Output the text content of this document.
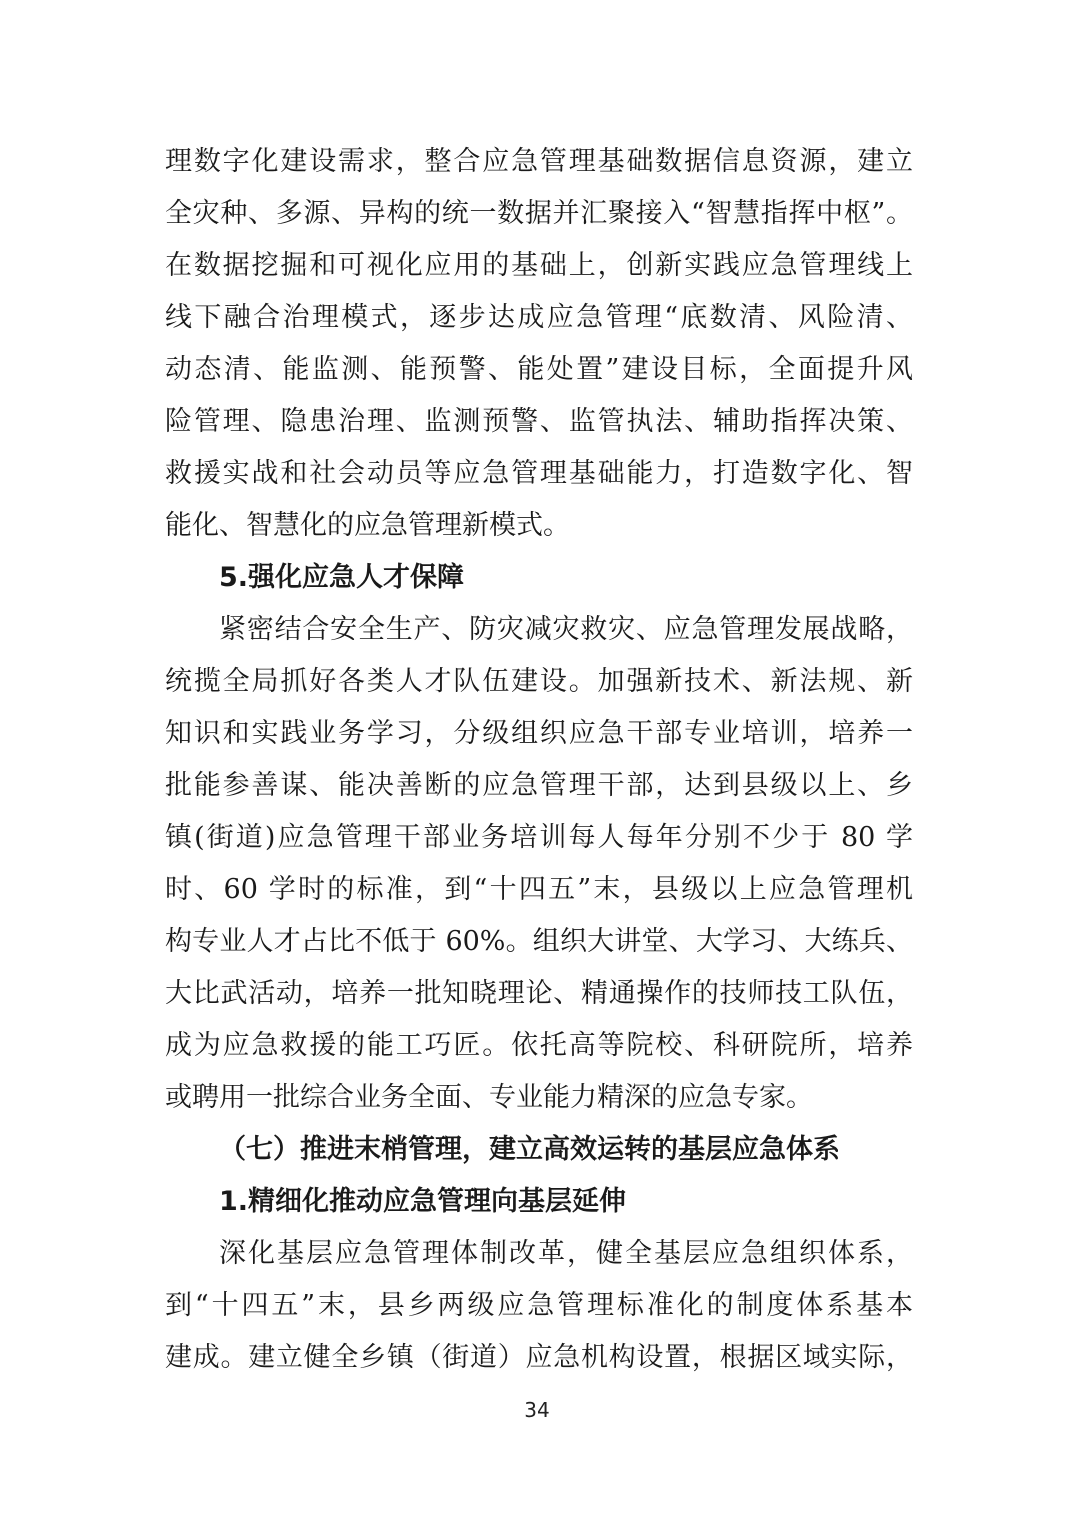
理数字化建设需求，整合应急管理基础数据信息资源，建立
全灾种、多源、异构的统一数据并汇聚接入“智慧指挥中枢”。
在数据挖掘和可视化应用的基础上，创新实践应急管理线上
线下融合治理模式，逐步达成应急管理“底数清、风险清、
动态清、能监测、能预警、能处置”建设目标，全面提升风
险管理、隐患治理、监测预警、监管执法、辅助指挥决策、
救援实战和社会动员等应急管理基础能力，打造数字化、智
能化、智慧化的应急管理新模式。
5.强化应急人才保障
紧密结合安全生产、防灾减灾救灾、应急管理发展战略，
统揽全局抓好各类人才队伍建设。加强新技术、新法规、新
知识和实践业务学习，分级组织应急干部专业培训，培养一
批能参善谋、能决善断的应急管理干部，达到县级以上、乡
镇(街道)应急管理干部业务培训每人每年分别不少于 80 学
时、60 学时的标准，到“十四五”末，县级以上应急管理机
构专业人才占比不低于 60%。组织大讲堂、大学习、大练兵、
大比武活动，培养一批知晓理论、精通操作的技师技工队伍，
成为应急救援的能工巧匠。依托高等院校、科研院所，培养
或聘用一批综合业务全面、专业能力精深的应急专家。
（七）推进末梢管理，建立高效运转的基层应急体系
1.精细化推动应急管理向基层延伸
深化基层应急管理体制改革，健全基层应急组织体系，
到“十四五”末，县乡两级应急管理标准化的制度体系基本
建成。建立健全乡镇（街道）应急机构设置，根据区域实际，
34
